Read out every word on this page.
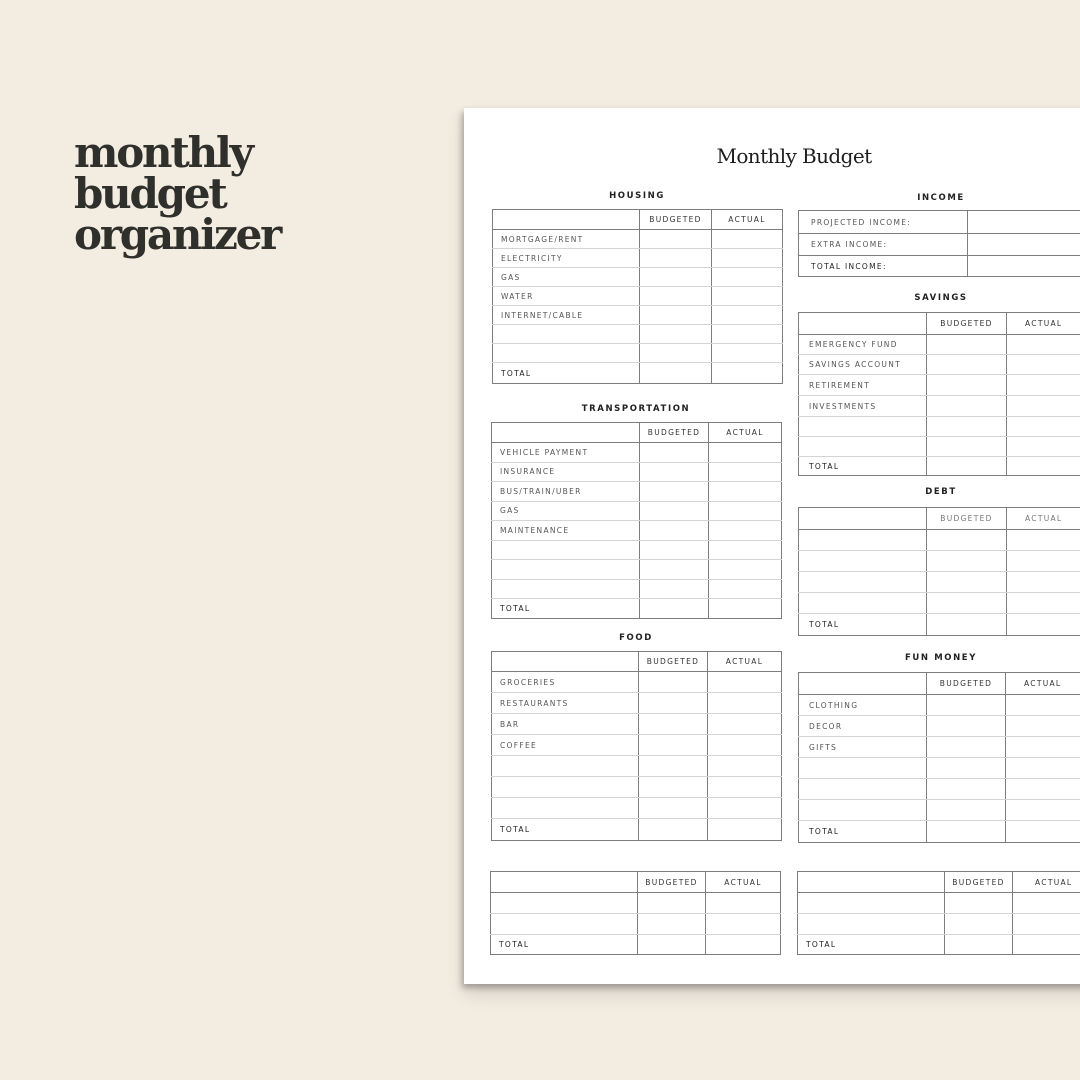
monthly
budget
organizer
Monthly Budget
HOUSING
	BUDGETED	ACTUAL
MORTGAGE/RENT		
ELECTRICITY		
GAS		
WATER		
INTERNET/CABLE		

TOTAL		
TRANSPORTATION
	BUDGETED	ACTUAL
VEHICLE PAYMENT		
INSURANCE		
BUS/TRAIN/UBER		
GAS		
MAINTENANCE		

TOTAL		
FOOD
	BUDGETED	ACTUAL
GROCERIES		
RESTAURANTS		
BAR		
COFFEE		

TOTAL		
	BUDGETED	ACTUAL

TOTAL		
INCOME
PROJECTED INCOME:	
EXTRA INCOME:	
TOTAL INCOME:	
SAVINGS
	BUDGETED	ACTUAL
EMERGENCY FUND		
SAVINGS ACCOUNT		
RETIREMENT		
INVESTMENTS		

TOTAL		
DEBT
	BUDGETED	ACTUAL

TOTAL		
FUN MONEY
	BUDGETED	ACTUAL
CLOTHING		
DECOR		
GIFTS		

TOTAL		
	BUDGETED	ACTUAL

TOTAL		
